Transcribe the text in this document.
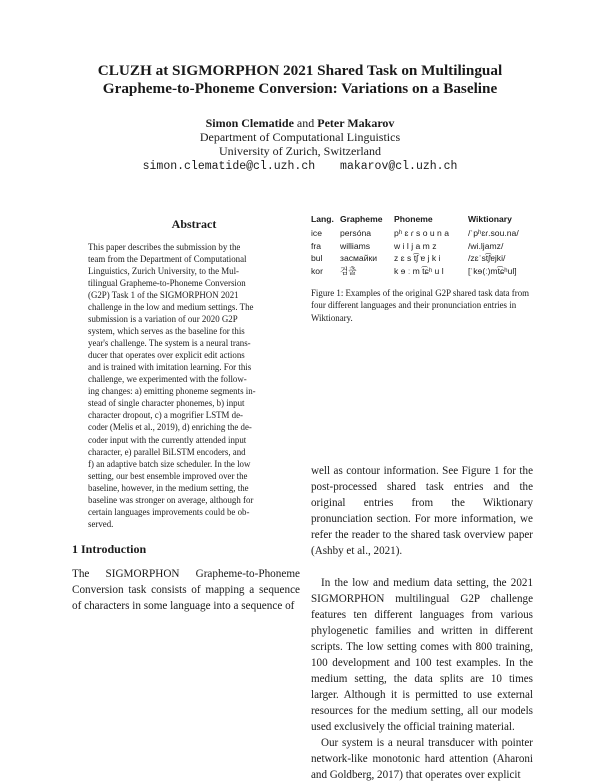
CLUZH at SIGMORPHON 2021 Shared Task on Multilingual
Grapheme-to-Phoneme Conversion: Variations on a Baseline
Simon Clematide and Peter Makarov
Department of Computational Linguistics
University of Zurich, Switzerland
simon.clematide@cl.uzh.ch makarov@cl.uzh.ch
Abstract
This paper describes the submission by the
team from the Department of Computational
Linguistics, Zurich University, to the Mul-
tilingual Grapheme-to-Phoneme Conversion
(G2P) Task 1 of the SIGMORPHON 2021
challenge in the low and medium settings. The
submission is a variation of our 2020 G2P
system, which serves as the baseline for this
year's challenge. The system is a neural trans-
ducer that operates over explicit edit actions
and is trained with imitation learning. For this
challenge, we experimented with the follow-
ing changes: a) emitting phoneme segments in-
stead of single character phonemes, b) input
character dropout, c) a mogrifier LSTM de-
coder (Melis et al., 2019), d) enriching the de-
coder input with the currently attended input
character, e) parallel BiLSTM encoders, and
f) an adaptive batch size scheduler. In the low
setting, our best ensemble improved over the
baseline, however, in the medium setting, the
baseline was stronger on average, although for
certain languages improvements could be ob-
served.
1 Introduction
The SIGMORPHON Grapheme-to-Phoneme Conversion task consists of mapping a sequence of characters in some language into a sequence of
Lang.	Grapheme	Phoneme	Wiktionary
ice	persóna	pʰ ɛ ɾ s o u n a	/ˈpʰɛɾ.sou.na/
fra	williams	w i l j a m z	/wi.ljamz/
bul	засмайки	z ɛ s t͡ʃ ɐ j k i	/zɛˈst͡ʃɐjki/
kor	검출	k ɘ ː m t͡ɕʰ u l	[ˈkɘ(ː)mt͡ɕʰul]
Figure 1: Examples of the original G2P shared task data from four different languages and their pronunciation entries in Wiktionary.
well as contour information. See Figure 1 for the post-processed shared task entries and the original entries from the Wiktionary pronunciation section. For more information, we refer the reader to the shared task overview paper (Ashby et al., 2021).
In the low and medium data setting, the 2021 SIGMORPHON multilingual G2P challenge features ten different languages from various phylogenetic families and written in different scripts. The low setting comes with 800 training, 100 development and 100 test examples. In the medium setting, the data splits are 10 times larger. Although it is permitted to use external resources for the medium setting, all our models used exclusively the official training material.
Our system is a neural transducer with pointer network-like monotonic hard attention (Aharoni and Goldberg, 2017) that operates over explicit
